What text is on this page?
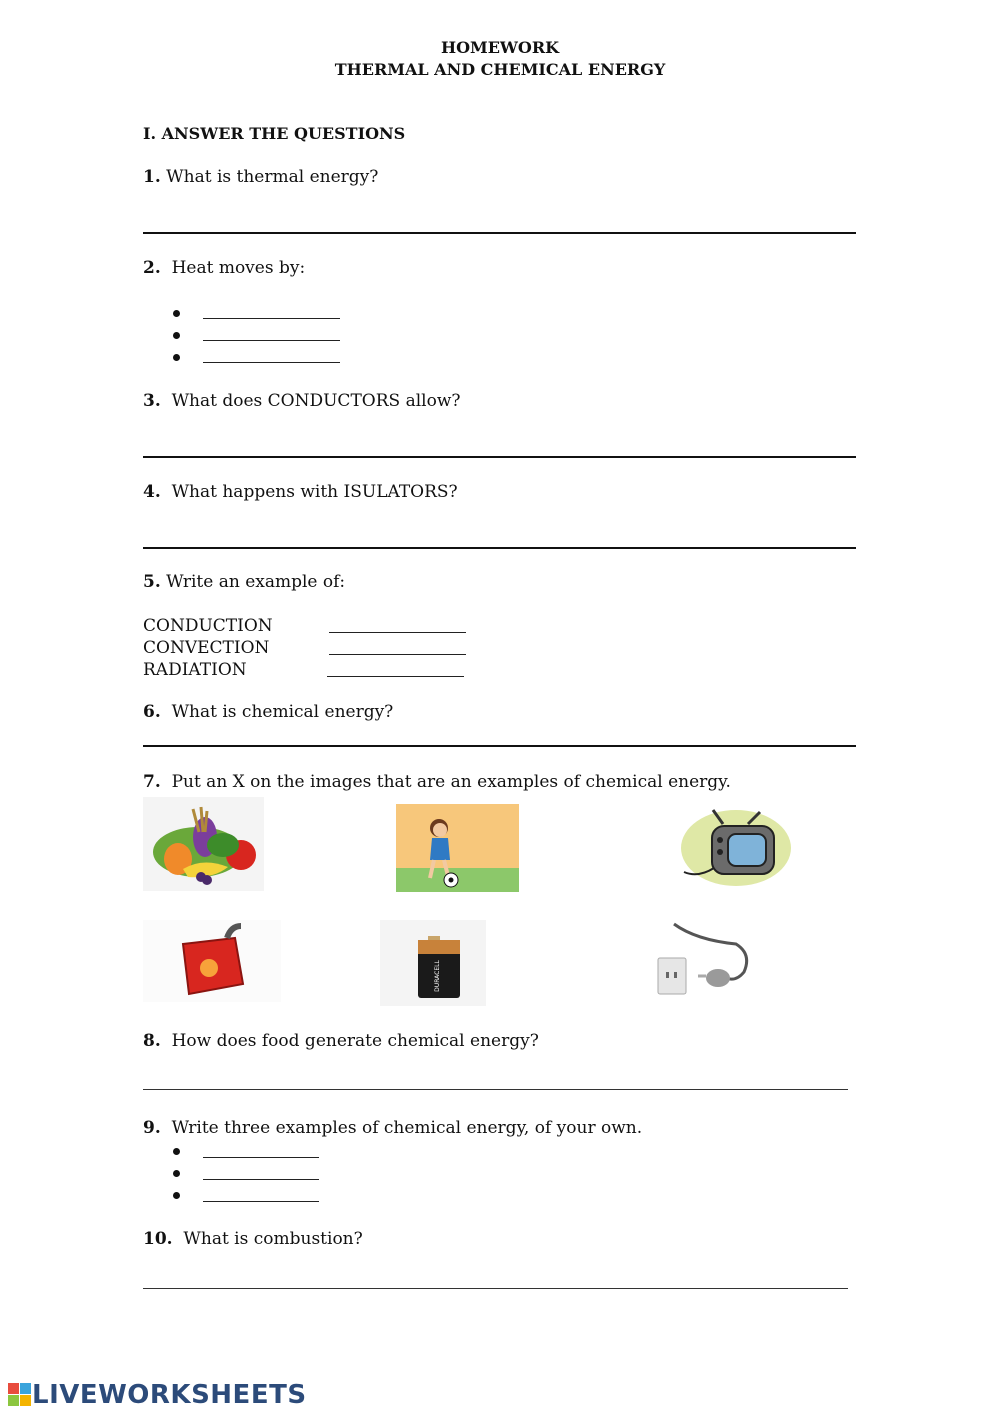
HOMEWORK
THERMAL AND CHEMICAL ENERGY
I. ANSWER THE QUESTIONS
1. What is thermal energy?
2. Heat moves by:
3. What does CONDUCTORS allow?
4. What happens with ISULATORS?
5. Write an example of:
CONDUCTION
CONVECTION
RADIATION
6. What is chemical energy?
7. Put an X on the images that are an examples of chemical energy.
DURACELL
8. How does food generate chemical energy?
9. Write three examples of chemical energy, of your own.
10. What is combustion?
LIVEWORKSHEETS
